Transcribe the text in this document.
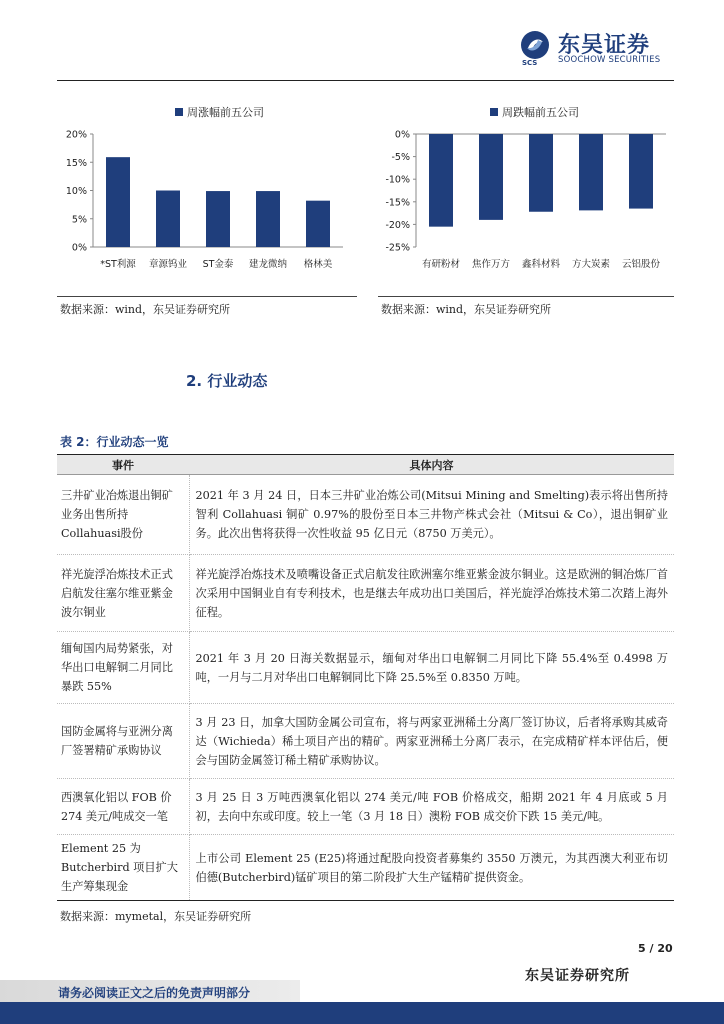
SCS
东吴证券
SOOCHOW SECURITIES
周涨幅前五公司
0%
5%
10%
15%
20%
*ST利源 章源钨业 ST金泰 建龙微纳 格林美
数据来源：wind，东吴证券研究所
周跌幅前五公司
0%
-5%
-10%
-15%
-20%
-25%
有研粉材 焦作万方 鑫科材料 方大炭素 云铝股份
数据来源：wind，东吴证券研究所
2. 行业动态
表 2：行业动态一览
事件	具体内容
三井矿业冶炼退出铜矿业务出售所持Collahuasi股份	2021 年 3 月 24 日，日本三井矿业冶炼公司(Mitsui Mining and Smelting)表示将出售所持智利 Collahuasi 铜矿 0.97%的股份至日本三井物产株式会社（Mitsui & Co），退出铜矿业务。此次出售将获得一次性收益 95 亿日元（8750 万美元）。
祥光旋浮冶炼技术正式启航发往塞尔维亚紫金波尔铜业	祥光旋浮冶炼技术及喷嘴设备正式启航发往欧洲塞尔维亚紫金波尔铜业。这是欧洲的铜冶炼厂首次采用中国铜业自有专利技术，也是继去年成功出口美国后，祥光旋浮冶炼技术第二次踏上海外征程。
缅甸国内局势紧张，对华出口电解铜二月同比暴跌 55%	2021 年 3 月 20 日海关数据显示，缅甸对华出口电解铜二月同比下降 55.4%至 0.4998 万吨，一月与二月对华出口电解铜同比下降 25.5%至 0.8350 万吨。
国防金属将与亚洲分离厂签署精矿承购协议	3 月 23 日，加拿大国防金属公司宣布，将与两家亚洲稀土分离厂签订协议，后者将承购其威奇达（Wichieda）稀土项目产出的精矿。两家亚洲稀土分离厂表示，在完成精矿样本评估后，便会与国防金属签订稀土精矿承购协议。
西澳氧化铝以 FOB 价 274 美元/吨成交一笔	3 月 25 日 3 万吨西澳氧化铝以 274 美元/吨 FOB 价格成交，船期 2021 年 4 月底或 5 月初，去向中东或印度。较上一笔（3 月 18 日）澳粉 FOB 成交价下跌 15 美元/吨。
Element 25 为Butcherbird 项目扩大生产筹集现金	上市公司 Element 25 (E25)将通过配股向投资者募集约 3550 万澳元，为其西澳大利亚布切伯德(Butcherbird)锰矿项目的第二阶段扩大生产锰精矿提供资金。
数据来源：mymetal，东吴证券研究所
5 / 20
东吴证券研究所
请务必阅读正文之后的免责声明部分
